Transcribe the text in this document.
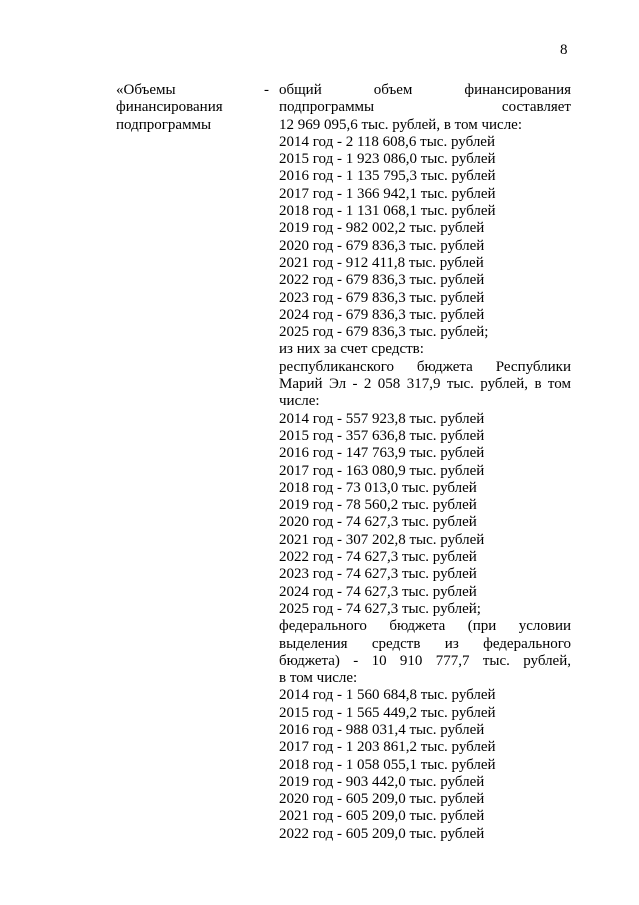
8
«Объемы
финансирования
подпрограммы
- общий объем финансирования
подпрограммы составляет
12 969 095,6 тыс. рублей, в том числе:
2014 год - 2 118 608,6 тыс. рублей
2015 год - 1 923 086,0 тыс. рублей
2016 год - 1 135 795,3 тыс. рублей
2017 год - 1 366 942,1 тыс. рублей
2018 год - 1 131 068,1 тыс. рублей
2019 год - 982 002,2 тыс. рублей
2020 год - 679 836,3 тыс. рублей
2021 год - 912 411,8 тыс. рублей
2022 год - 679 836,3 тыс. рублей
2023 год - 679 836,3 тыс. рублей
2024 год - 679 836,3 тыс. рублей
2025 год - 679 836,3 тыс. рублей;
из них за счет средств:
республиканского бюджета Республики
Марий Эл - 2 058 317,9 тыс. рублей, в том
числе:
2014 год - 557 923,8 тыс. рублей
2015 год - 357 636,8 тыс. рублей
2016 год - 147 763,9 тыс. рублей
2017 год - 163 080,9 тыс. рублей
2018 год - 73 013,0 тыс. рублей
2019 год - 78 560,2 тыс. рублей
2020 год - 74 627,3 тыс. рублей
2021 год - 307 202,8 тыс. рублей
2022 год - 74 627,3 тыс. рублей
2023 год - 74 627,3 тыс. рублей
2024 год - 74 627,3 тыс. рублей
2025 год - 74 627,3 тыс. рублей;
федерального бюджета (при условии
выделения средств из федерального
бюджета) - 10 910 777,7 тыс. рублей,
в том числе:
2014 год - 1 560 684,8 тыс. рублей
2015 год - 1 565 449,2 тыс. рублей
2016 год - 988 031,4 тыс. рублей
2017 год - 1 203 861,2 тыс. рублей
2018 год - 1 058 055,1 тыс. рублей
2019 год - 903 442,0 тыс. рублей
2020 год - 605 209,0 тыс. рублей
2021 год - 605 209,0 тыс. рублей
2022 год - 605 209,0 тыс. рублей
